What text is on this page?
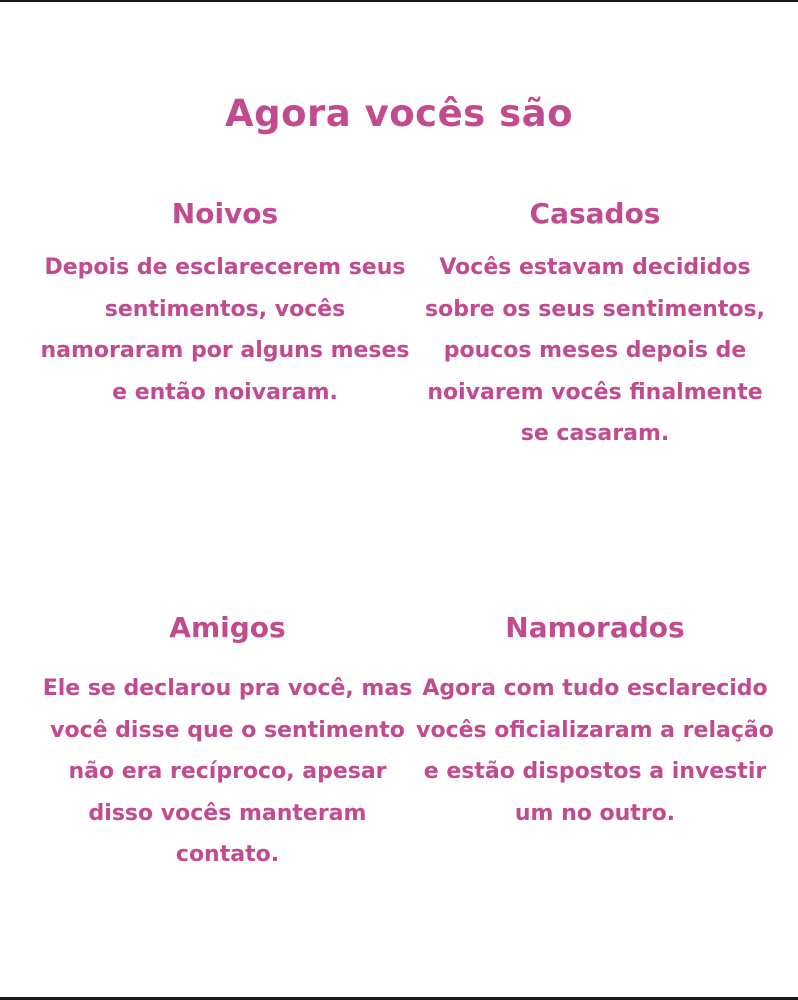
Agora vocês são
Noivos

Depois de esclarecerem seus sentimentos, vocês namoraram por alguns meses e então noivaram.

Casados

Vocês estavam decididos sobre os seus sentimentos, poucos meses depois de noivarem vocês finalmente se casaram.

Amigos

Ele se declarou pra você, mas você disse que o sentimento não era recíproco, apesar disso vocês manteram contato.

Namorados

Agora com tudo esclarecido vocês oficializaram a relação e estão dispostos a investir um no outro.
